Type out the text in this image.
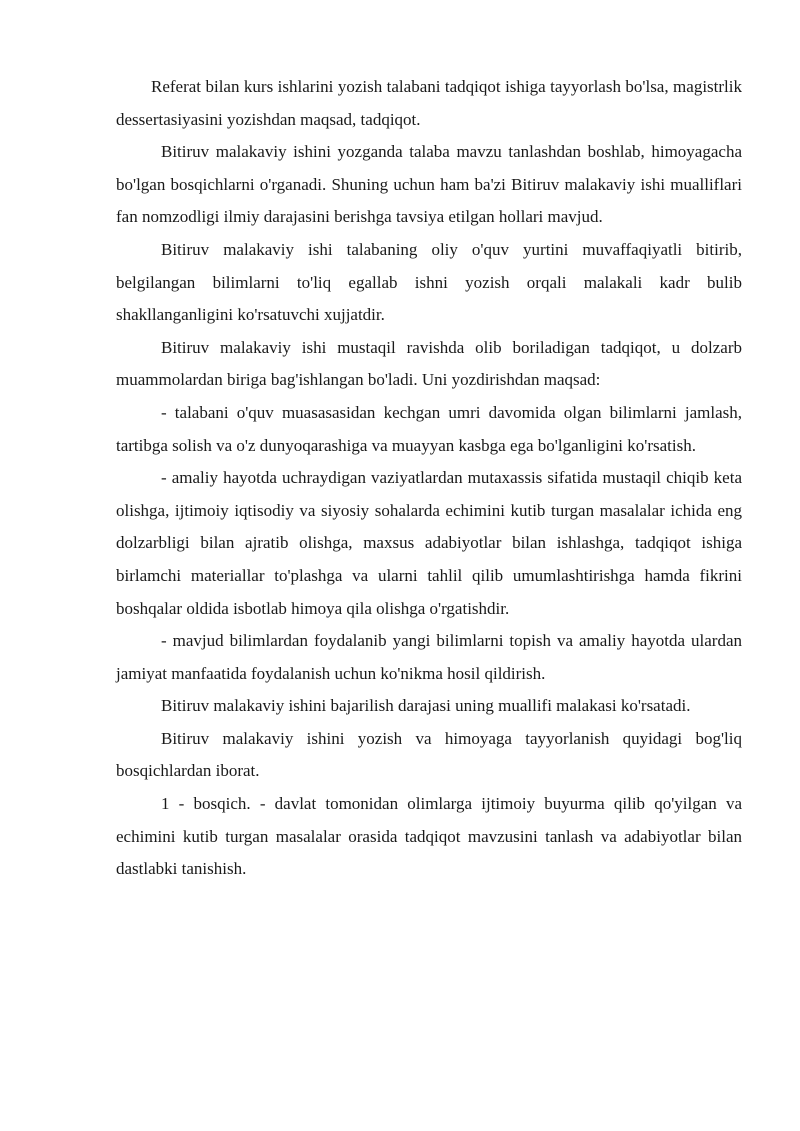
Referat bilan kurs ishlarini yozish talabani tadqiqot ishiga tayyorlash bo'lsa, magistrlik dessertasiyasini yozishdan maqsad, tadqiqot.

Bitiruv malakaviy ishini yozganda talaba mavzu tanlashdan boshlab, himoyagacha bo'lgan bosqichlarni o'rganadi. Shuning uchun ham ba'zi Bitiruv malakaviy ishi mualliflari fan nomzodligi ilmiy darajasini berishga tavsiya etilgan hollari mavjud.

Bitiruv malakaviy ishi talabaning oliy o'quv yurtini muvaffaqiyatli bitirib, belgilangan bilimlarni to'liq egallab ishni yozish orqali malakali kadr bulib shakllanganligini ko'rsatuvchi xujjatdir.

Bitiruv malakaviy ishi mustaqil ravishda olib boriladigan tadqiqot, u dolzarb muammolardan biriga bag'ishlangan bo'ladi. Uni yozdirishdan maqsad:

- talabani o'quv muasasasidan kechgan umri davomida olgan bilimlarni jamlash, tartibga solish va o'z dunyoqarashiga va muayyan kasbga ega bo'lganligini ko'rsatish.

- amaliy hayotda uchraydigan vaziyatlardan mutaxassis sifatida mustaqil chiqib keta olishga, ijtimoiy iqtisodiy va siyosiy sohalarda echimini kutib turgan masalalar ichida eng dolzarbligi bilan ajratib olishga, maxsus adabiyotlar bilan ishlashga, tadqiqot ishiga birlamchi materiallar to'plashga va ularni tahlil qilib umumlashtirishga hamda fikrini boshqalar oldida isbotlab himoya qila olishga o'rgatishdir.

- mavjud bilimlardan foydalanib yangi bilimlarni topish va amaliy hayotda ulardan jamiyat manfaatida foydalanish uchun ko'nikma hosil qildirish.

Bitiruv malakaviy ishini bajarilish darajasi uning muallifi malakasi ko'rsatadi.

Bitiruv malakaviy ishini yozish va himoyaga tayyorlanish quyidagi bog'liq bosqichlardan iborat.

1 - bosqich. - davlat tomonidan olimlarga ijtimoiy buyurma qilib qo'yilgan va echimini kutib turgan masalalar orasida tadqiqot mavzusini tanlash va adabiyotlar bilan dastlabki tanishish.
